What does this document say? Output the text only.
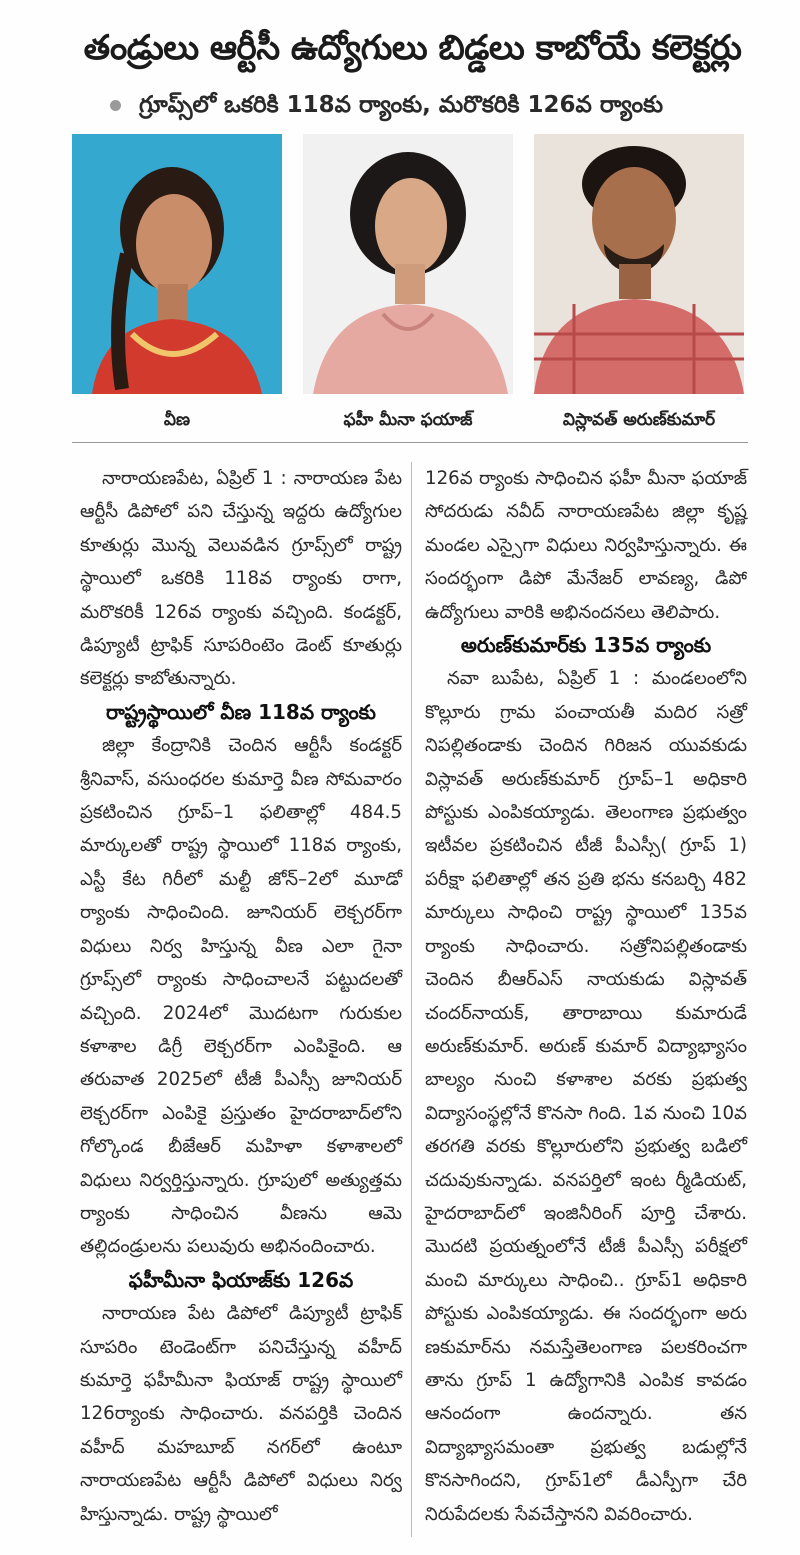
తండ్రులు ఆర్టీసీ ఉద్యోగులు బిడ్డలు కాబోయే కలెక్టర్లు
గ్రూప్స్‌లో ఒకరికి 118వ ర్యాంకు, మరొకరికి 126వ ర్యాంకు
వీణ	ఫహీ మీనా ఫయాజ్	విస్లావత్ అరుణ్‌కుమార్

నారాయణపేట, ఏప్రిల్ 1 : నారాయణ పేట ఆర్టీసీ డిపోలో పని చేస్తున్న ఇద్దరు ఉద్యోగుల కూతుర్లు మొన్న వెలువడిన గ్రూప్స్‌లో రాష్ట్ర స్థాయిలో ఒకరికి 118వ ర్యాంకు రాగా, మరొకరికీ 126వ ర్యాంకు వచ్చింది. కండక్టర్, డిప్యూటీ ట్రాఫిక్ సూపరింటెం డెంట్ కూతుర్లు కలెక్టర్లు కాబోతున్నారు.

రాష్ట్రస్థాయిలో వీణ 118వ ర్యాంకు

జిల్లా కేంద్రానికి చెందిన ఆర్టీసీ కండక్టర్ శ్రీనివాస్, వసుంధరల కుమార్తె వీణ సోమవారం ప్రకటించిన గ్రూప్–1 ఫలితాల్లో 484.5 మార్కులతో రాష్ట్ర స్థాయిలో 118వ ర్యాంకు, ఎస్టీ కేట గిరీలో మల్టీ జోన్–2లో మూడో ర్యాంకు సాధించింది. జూనియర్ లెక్చరర్‌గా విధులు నిర్వ హిస్తున్న వీణ ఎలా గైనా గ్రూప్స్‌లో ర్యాంకు సాధించాలనే పట్టుదలతో వచ్చింది. 2024లో మొదటగా గురుకుల కళాశాల డిగ్రీ లెక్చరర్‌గా ఎంపికైంది. ఆ తరువాత 2025లో టీజీ పీఎస్సీ జూనియర్ లెక్చరర్‌గా ఎంపికై ప్రస్తుతం హైదరాబాద్‌లోని గోల్కొండ బీజేఆర్ మహిళా కళాశాలలో విధులు నిర్వర్తిస్తున్నారు. గ్రూపులో అత్యుత్తమ ర్యాంకు సాధించిన వీణను ఆమె తల్లిదండ్రులను పలువురు అభినందించారు.

ఫహీమీనా ఫియాజ్‌కు 126వ

నారాయణ పేట డిపోలో డిప్యూటీ ట్రాఫిక్ సూపరిం టెండెంట్‌గా పనిచేస్తున్న వహీద్ కుమార్తె ఫహీమీనా ఫియాజ్ రాష్ట్ర స్థాయిలో 126ర్యాంకు సాధించారు. వనపర్తికి చెందిన వహీద్ మహబూబ్ నగర్‌లో ఉంటూ నారాయణపేట ఆర్టీసీ డిపోలో విధులు నిర్వ హిస్తున్నాడు. రాష్ట్ర స్థాయిలో

126వ ర్యాంకు సాధించిన ఫహీ మీనా ఫయాజ్ సోదరుడు నవీద్ నారాయణపేట జిల్లా కృష్ణ మండల ఎస్సైగా విధులు నిర్వహిస్తున్నారు. ఈ సందర్భంగా డిపో మేనేజర్ లావణ్య, డిపో ఉద్యోగులు వారికి అభినందనలు తెలిపారు.

అరుణ్‌కుమార్‌కు 135వ ర్యాంకు

నవా బుపేట, ఏప్రిల్ 1 : మండలంలోని కొల్లూరు గ్రామ పంచాయతీ మదిర సత్రో నిపల్లితండాకు చెందిన గిరిజన యువకుడు విస్లావత్ అరుణ్‌కుమార్ గ్రూప్–1 అధికారి పోస్టుకు ఎంపికయ్యాడు. తెలంగాణ ప్రభుత్వం ఇటీవల ప్రకటించిన టీజీ పీఎస్సీ( గ్రూప్ 1) పరీక్షా ఫలితాల్లో తన ప్రతి భను కనబర్చి 482 మార్కులు సాధించి రాష్ట్ర స్థాయిలో 135వ ర్యాంకు సాధించారు. సత్రోనిపల్లితండాకు చెందిన బీఆర్ఎస్ నాయకుడు విస్లావత్ చందర్‌నాయక్, తారాబాయి కుమారుడే అరుణ్‌కుమార్. అరుణ్ కుమార్ విద్యాభ్యాసం బాల్యం నుంచి కళాశాల వరకు ప్రభుత్వ విద్యాసంస్థల్లోనే కొనసా గింది. 1వ నుంచి 10వ తరగతి వరకు కొల్లూరులోని ప్రభుత్వ బడిలో చదువుకున్నాడు. వనపర్తిలో ఇంట ర్మీడియట్, హైదరాబాద్‌లో ఇంజినీరింగ్ పూర్తి చేశారు. మొదటి ప్రయత్నంలోనే టీజీ పీఎస్సీ పరీక్షలో మంచి మార్కులు సాధించి.. గ్రూప్1 అధికారి పోస్టుకు ఎంపికయ్యాడు. ఈ సందర్భంగా అరు ణకుమార్‌ను నమస్తేతెలంగాణ పలకరించగా తాను గ్రూప్ 1 ఉద్యోగానికి ఎంపిక కావడం ఆనందంగా ఉందన్నారు. తన విద్యాభ్యాసమంతా ప్రభుత్వ బడుల్లోనే కొనసాగిందని, గ్రూప్1లో డీఎస్పీగా చేరి నిరుపేదలకు సేవచేస్తానని వివరించారు.
